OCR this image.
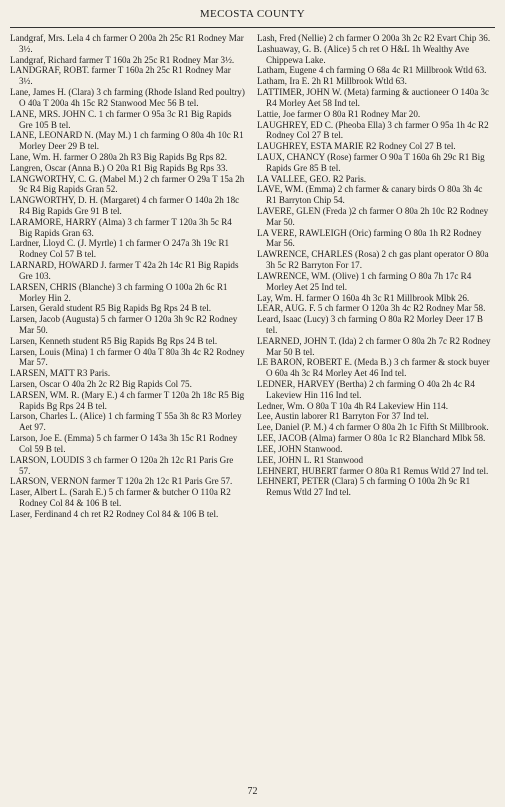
MECOSTA COUNTY

Landgraf, Mrs. Lela 4 ch farmer O 200a 2h 25c R1 Rodney Mar 3½.

Landgraf, Richard farmer T 160a 2h 25c R1 Rodney Mar 3½.

LANDGRAF, ROBT. farmer T 160a 2h 25c R1 Rodney Mar 3½.

Lane, James H. (Clara) 3 ch farming (Rhode Island Red poultry) O 40a T 200a 4h 15c R2 Stanwood Mec 56 B tel.

LANE, MRS. JOHN C. 1 ch farmer O 95a 3c R1 Big Rapids Gre 105 B tel.

LANE, LEONARD N. (May M.) 1 ch farming O 80a 4h 10c R1 Morley Deer 29 B tel.

Lane, Wm. H. farmer O 280a 2h R3 Big Rapids Bg Rps 82.

Langren, Oscar (Anna B.) O 20a R1 Big Rapids Bg Rps 33.

LANGWORTHY, C. G. (Mabel M.) 2 ch farmer O 29a T 15a 2h 9c R4 Big Rapids Gran 52.

LANGWORTHY, D. H. (Margaret) 4 ch farmer O 140a 2h 18c R4 Big Rapids Gre 91 B tel.

LARAMORE, HARRY (Alma) 3 ch farmer T 120a 3h 5c R4 Big Rapids Gran 63.

Lardner, Lloyd C. (J. Myrtle) 1 ch farmer O 247a 3h 19c R1 Rodney Col 57 B tel.

LARNARD, HOWARD J. farmer T 42a 2h 14c R1 Big Rapids Gre 103.

LARSEN, CHRIS (Blanche) 3 ch farming O 100a 2h 6c R1 Morley Hin 2.

Larsen, Gerald student R5 Big Rapids Bg Rps 24 B tel.

Larsen, Jacob (Augusta) 5 ch farmer O 120a 3h 9c R2 Rodney Mar 50.

Larsen, Kenneth student R5 Big Rapids Bg Rps 24 B tel.

Larsen, Louis (Mina) 1 ch farmer O 40a T 80a 3h 4c R2 Rodney Mar 57.

LARSEN, MATT R3 Paris.

Larsen, Oscar O 40a 2h 2c R2 Big Rapids Col 75.

LARSEN, WM. R. (Mary E.) 4 ch farmer T 120a 2h 18c R5 Big Rapids Bg Rps 24 B tel.

Larson, Charles L. (Alice) 1 ch farming T 55a 3h 8c R3 Morley Aet 97.

Larson, Joe E. (Emma) 5 ch farmer O 143a 3h 15c R1 Rodney Col 59 B tel.

LARSON, LOUDIS 3 ch farmer O 120a 2h 12c R1 Paris Gre 57.

LARSON, VERNON farmer T 120a 2h 12c R1 Paris Gre 57.

Laser, Albert L. (Sarah E.) 5 ch farmer & butcher O 110a R2 Rodney Col 84 & 106 B tel.

Laser, Ferdinand 4 ch ret R2 Rodney Col 84 & 106 B tel.

Lash, Fred (Nellie) 2 ch farmer O 200a 3h 2c R2 Evart Chip 36.

Lashuaway, G. B. (Alice) 5 ch ret O H&L 1h Wealthy Ave Chippewa Lake.

Latham, Eugene 4 ch farming O 68a 4c R1 Millbrook Wtld 63.

Latham, Ira E. 2h R1 Millbrook Wtld 63.

LATTIMER, JOHN W. (Meta) farming & auctioneer O 140a 3c R4 Morley Aet 58 Ind tel.

Lattie, Joe farmer O 80a R1 Rodney Mar 20.

LAUGHREY, ED C. (Pheoba Ella) 3 ch farmer O 95a 1h 4c R2 Rodney Col 27 B tel.

LAUGHREY, ESTA MARIE R2 Rodney Col 27 B tel.

LAUX, CHANCY (Rose) farmer O 90a T 160a 6h 29c R1 Big Rapids Gre 85 B tel.

LA VALLEE, GEO. R2 Paris.

LAVE, WM. (Emma) 2 ch farmer & canary birds O 80a 3h 4c R1 Barryton Chip 54.

LAVERE, GLEN (Freda )2 ch farmer O 80a 2h 10c R2 Rodney Mar 50.

LA VERE, RAWLEIGH (Oric) farming O 80a 1h R2 Rodney Mar 56.

LAWRENCE, CHARLES (Rosa) 2 ch gas plant operator O 80a 3h 5c R2 Barryton For 17.

LAWRENCE, WM. (Olive) 1 ch farming O 80a 7h 17c R4 Morley Aet 25 Ind tel.

Lay, Wm. H. farmer O 160a 4h 3c R1 Millbrook Mlbk 26.

LEAR, AUG. F. 5 ch farmer O 120a 3h 4c R2 Rodney Mar 58.

Leard, Isaac (Lucy) 3 ch farming O 80a R2 Morley Deer 17 B tel.

LEARNED, JOHN T. (Ida) 2 ch farmer O 80a 2h 7c R2 Rodney Mar 50 B tel.

LE BARON, ROBERT E. (Meda B.) 3 ch farmer & stock buyer O 60a 4h 3c R4 Morley Aet 46 Ind tel.

LEDNER, HARVEY (Bertha) 2 ch farming O 40a 2h 4c R4 Lakeview Hin 116 Ind tel.

Ledner, Wm. O 80a T 10a 4h R4 Lakeview Hin 114.

Lee, Austin laborer R1 Barryton For 37 Ind tel.

Lee, Daniel (P. M.) 4 ch farmer O 80a 2h 1c Fifth St Millbrook.

LEE, JACOB (Alma) farmer O 80a 1c R2 Blanchard Mlbk 58.

LEE, JOHN Stanwood.

LEE, JOHN L. R1 Stanwood

LEHNERT, HUBERT farmer O 80a R1 Remus Wtld 27 Ind tel.

LEHNERT, PETER (Clara) 5 ch farming O 100a 2h 9c R1 Remus Wtld 27 Ind tel.

72
